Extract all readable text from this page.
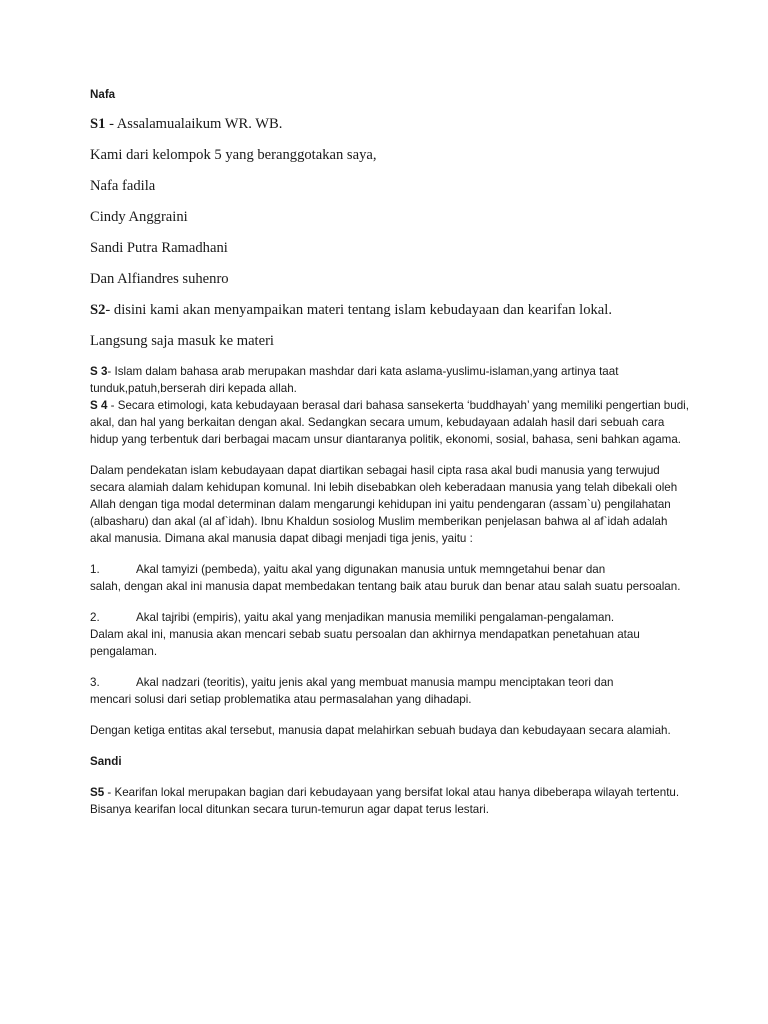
Nafa

S1 - Assalamualaikum WR. WB.

Kami dari kelompok 5 yang beranggotakan saya,

Nafa fadila

Cindy Anggraini

Sandi Putra Ramadhani

Dan Alfiandres suhenro

S2- disini kami akan menyampaikan materi tentang islam kebudayaan dan kearifan lokal.

Langsung saja masuk ke materi

S 3- Islam dalam bahasa arab merupakan mashdar dari kata aslama-yuslimu-islaman,yang artinya taat tunduk,patuh,berserah diri kepada allah.

S 4 - Secara etimologi, kata kebudayaan berasal dari bahasa sansekerta ‘buddhayah’ yang memiliki pengertian budi, akal, dan hal yang berkaitan dengan akal. Sedangkan secara umum, kebudayaan adalah hasil dari sebuah cara hidup yang terbentuk dari berbagai macam unsur diantaranya politik, ekonomi, sosial, bahasa, seni bahkan agama.

Dalam pendekatan islam kebudayaan dapat diartikan sebagai hasil cipta rasa akal budi manusia yang terwujud secara alamiah dalam kehidupan komunal. Ini lebih disebabkan oleh keberadaan manusia yang telah dibekali oleh Allah dengan tiga modal determinan dalam mengarungi kehidupan ini yaitu pendengaran (assam`u) pengilahatan (albasharu) dan akal (al af`idah). Ibnu Khaldun sosiolog Muslim memberikan penjelasan bahwa al af`idah adalah akal manusia. Dimana akal manusia dapat dibagi menjadi tiga jenis, yaitu :

1.	Akal tamyizi (pembeda), yaitu akal yang digunakan manusia untuk memngetahui benar dan
salah, dengan akal ini manusia dapat membedakan tentang baik atau buruk dan benar atau salah suatu persoalan.
2.	Akal tajribi (empiris), yaitu akal yang menjadikan manusia memiliki pengalaman-pengalaman.
Dalam akal ini, manusia akan mencari sebab suatu persoalan dan akhirnya mendapatkan penetahuan atau pengalaman.
3.	Akal nadzari (teoritis), yaitu jenis akal yang membuat manusia mampu menciptakan teori dan
mencari solusi dari setiap problematika atau permasalahan yang dihadapi.

Dengan ketiga entitas akal tersebut, manusia dapat melahirkan sebuah budaya dan kebudayaan secara alamiah.

Sandi

S5 - Kearifan lokal merupakan bagian dari kebudayaan yang bersifat lokal atau hanya dibeberapa wilayah tertentu. Bisanya kearifan local ditunkan secara turun-temurun agar dapat terus lestari.
